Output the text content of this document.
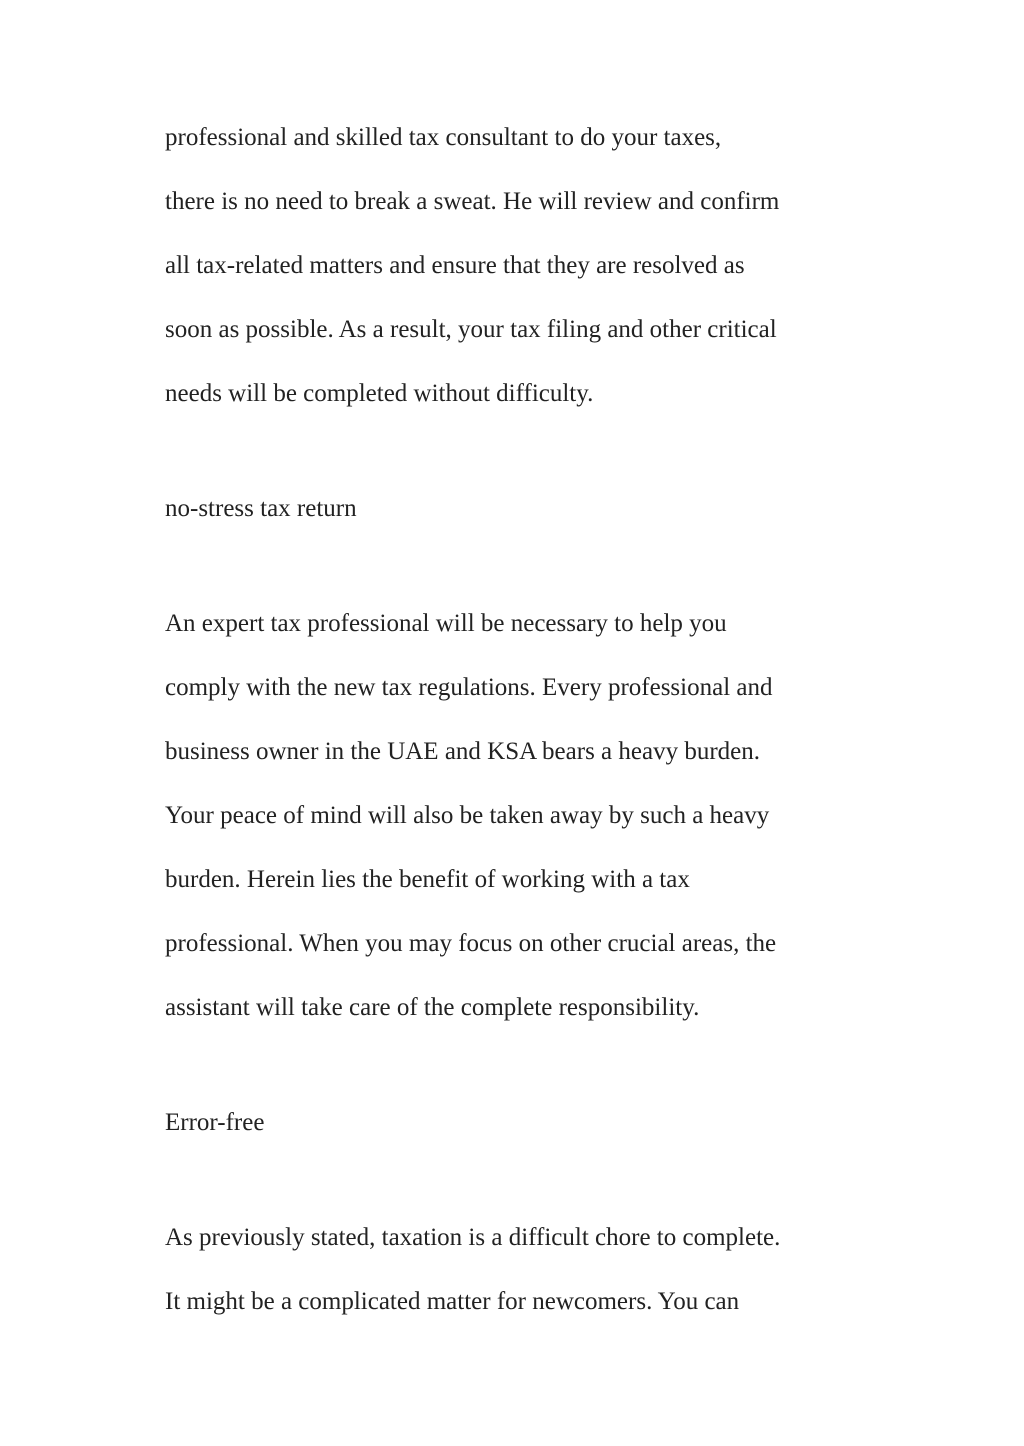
professional and skilled tax consultant to do your taxes,
there is no need to break a sweat. He will review and confirm
all tax-related matters and ensure that they are resolved as
soon as possible. As a result, your tax filing and other critical
needs will be completed without difficulty.
no-stress tax return
An expert tax professional will be necessary to help you
comply with the new tax regulations. Every professional and
business owner in the UAE and KSA bears a heavy burden.
Your peace of mind will also be taken away by such a heavy
burden. Herein lies the benefit of working with a tax
professional. When you may focus on other crucial areas, the
assistant will take care of the complete responsibility.
Error-free
As previously stated, taxation is a difficult chore to complete.
It might be a complicated matter for newcomers. You can
